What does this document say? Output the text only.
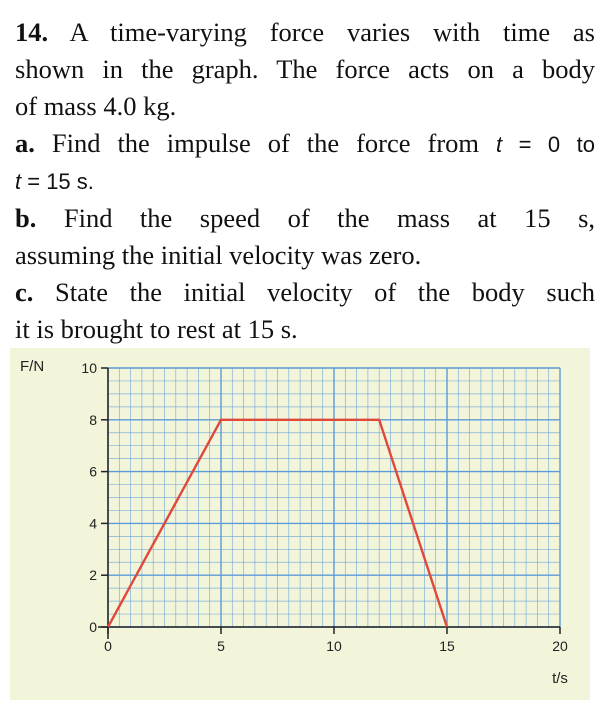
14. A time-varying force varies with time as

shown in the graph. The force acts on a body

of mass 4.0 kg.

a. Find the impulse of the force from t = 0 to

t = 15 s.

b. Find the speed of the mass at 15 s,

assuming the initial velocity was zero.

c. State the initial velocity of the body such

it is brought to rest at 15 s.

0
2
4
6
8
10
0	5	10	15	20
F/N
t/s
